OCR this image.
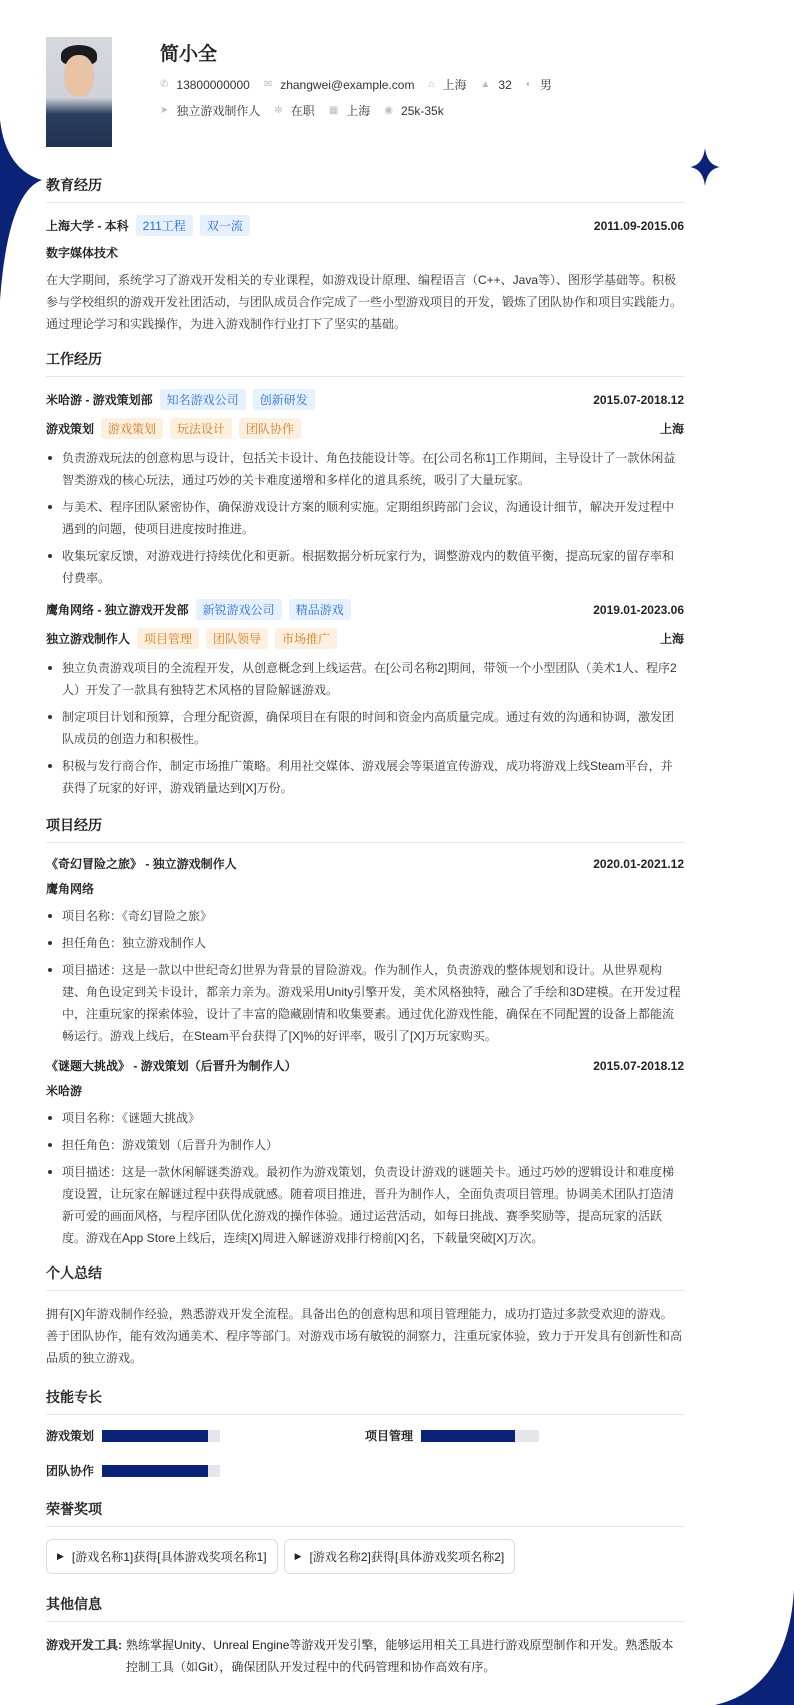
简小全
✆ 13800000000 ✉ zhangwei@example.com ⌂ 上海 ▲ 32 ◐ 男
➤ 独立游戏制作人 ✲ 在职 ▦ 上海 ◉ 25k-35k
教育经历
上海大学 - 本科	211工程	双一流	2011.09-2015.06
数字媒体技术
在大学期间，系统学习了游戏开发相关的专业课程，如游戏设计原理、编程语言（C++、Java等）、图形学基础等。积极参与学校组织的游戏开发社团活动，与团队成员合作完成了一些小型游戏项目的开发，锻炼了团队协作和项目实践能力。通过理论学习和实践操作，为进入游戏制作行业打下了坚实的基础。
工作经历
米哈游 - 游戏策划部	知名游戏公司	创新研发	2015.07-2018.12
游戏策划	游戏策划	玩法设计	团队协作	上海
负责游戏玩法的创意构思与设计，包括关卡设计、角色技能设计等。在[公司名称1]工作期间，主导设计了一款休闲益智类游戏的核心玩法，通过巧妙的关卡难度递增和多样化的道具系统，吸引了大量玩家。
与美术、程序团队紧密协作，确保游戏设计方案的顺利实施。定期组织跨部门会议，沟通设计细节，解决开发过程中遇到的问题，使项目进度按时推进。
收集玩家反馈，对游戏进行持续优化和更新。根据数据分析玩家行为，调整游戏内的数值平衡，提高玩家的留存率和付费率。
鹰角网络 - 独立游戏开发部	新锐游戏公司	精品游戏	2019.01-2023.06
独立游戏制作人	项目管理	团队领导	市场推广	上海
独立负责游戏项目的全流程开发，从创意概念到上线运营。在[公司名称2]期间，带领一个小型团队（美术1人、程序2人）开发了一款具有独特艺术风格的冒险解谜游戏。
制定项目计划和预算，合理分配资源，确保项目在有限的时间和资金内高质量完成。通过有效的沟通和协调，激发团队成员的创造力和积极性。
积极与发行商合作，制定市场推广策略。利用社交媒体、游戏展会等渠道宣传游戏，成功将游戏上线Steam平台，并获得了玩家的好评，游戏销量达到[X]万份。
项目经历
《奇幻冒险之旅》 - 独立游戏制作人	2020.01-2021.12
鹰角网络
项目名称：《奇幻冒险之旅》
担任角色：独立游戏制作人
项目描述：这是一款以中世纪奇幻世界为背景的冒险游戏。作为制作人，负责游戏的整体规划和设计。从世界观构建、角色设定到关卡设计，都亲力亲为。游戏采用Unity引擎开发，美术风格独特，融合了手绘和3D建模。在开发过程中，注重玩家的探索体验，设计了丰富的隐藏剧情和收集要素。通过优化游戏性能，确保在不同配置的设备上都能流畅运行。游戏上线后，在Steam平台获得了[X]%的好评率，吸引了[X]万玩家购买。
《谜题大挑战》 - 游戏策划（后晋升为制作人）	2015.07-2018.12
米哈游
项目名称：《谜题大挑战》
担任角色：游戏策划（后晋升为制作人）
项目描述：这是一款休闲解谜类游戏。最初作为游戏策划，负责设计游戏的谜题关卡。通过巧妙的逻辑设计和难度梯度设置，让玩家在解谜过程中获得成就感。随着项目推进，晋升为制作人，全面负责项目管理。协调美术团队打造清新可爱的画面风格，与程序团队优化游戏的操作体验。通过运营活动，如每日挑战、赛季奖励等，提高玩家的活跃度。游戏在App Store上线后，连续[X]周进入解谜游戏排行榜前[X]名，下载量突破[X]万次。
个人总结
拥有[X]年游戏制作经验，熟悉游戏开发全流程。具备出色的创意构思和项目管理能力，成功打造过多款受欢迎的游戏。善于团队协作，能有效沟通美术、程序等部门。对游戏市场有敏锐的洞察力，注重玩家体验，致力于开发具有创新性和高品质的独立游戏。
技能专长
游戏策划	项目管理
团队协作
荣誉奖项
▶ [游戏名称1]获得[具体游戏奖项名称1]	▶ [游戏名称2]获得[具体游戏奖项名称2]
其他信息
游戏开发工具: 熟练掌握Unity、Unreal Engine等游戏开发引擎，能够运用相关工具进行游戏原型制作和开发。熟悉版本控制工具（如Git），确保团队开发过程中的代码管理和协作高效有序。
